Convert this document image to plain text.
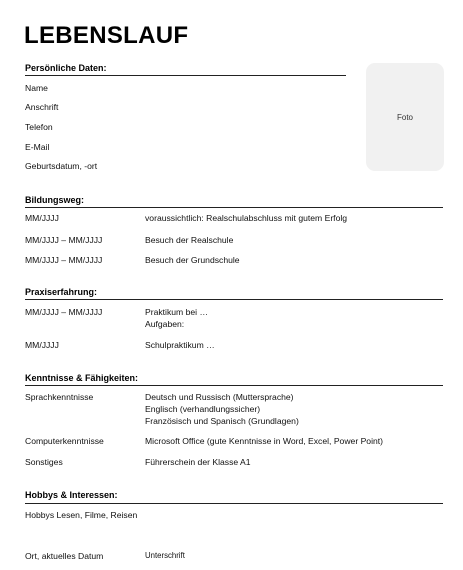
LEBENSLAUF
Persönliche Daten:
Name
Anschrift
Telefon
E-Mail
Geburtsdatum, -ort
Foto
Bildungsweg:
MM/JJJJ	voraussichtlich: Realschulabschluss mit gutem Erfolg
MM/JJJJ – MM/JJJJ	Besuch der Realschule
MM/JJJJ – MM/JJJJ	Besuch der Grundschule
Praxiserfahrung:
MM/JJJJ – MM/JJJJ	Praktikum bei …
Aufgaben:
MM/JJJJ	Schulpraktikum …
Kenntnisse & Fähigkeiten:
Sprachkenntnisse	Deutsch und Russisch (Muttersprache)
Englisch (verhandlungssicher)
Französisch und Spanisch (Grundlagen)
Computerkenntnisse	Microsoft Office (gute Kenntnisse in Word, Excel, Power Point)
Sonstiges	Führerschein der Klasse A1
Hobbys & Interessen:
Hobbys Lesen, Filme, Reisen
Ort, aktuelles Datum	Unterschrift
